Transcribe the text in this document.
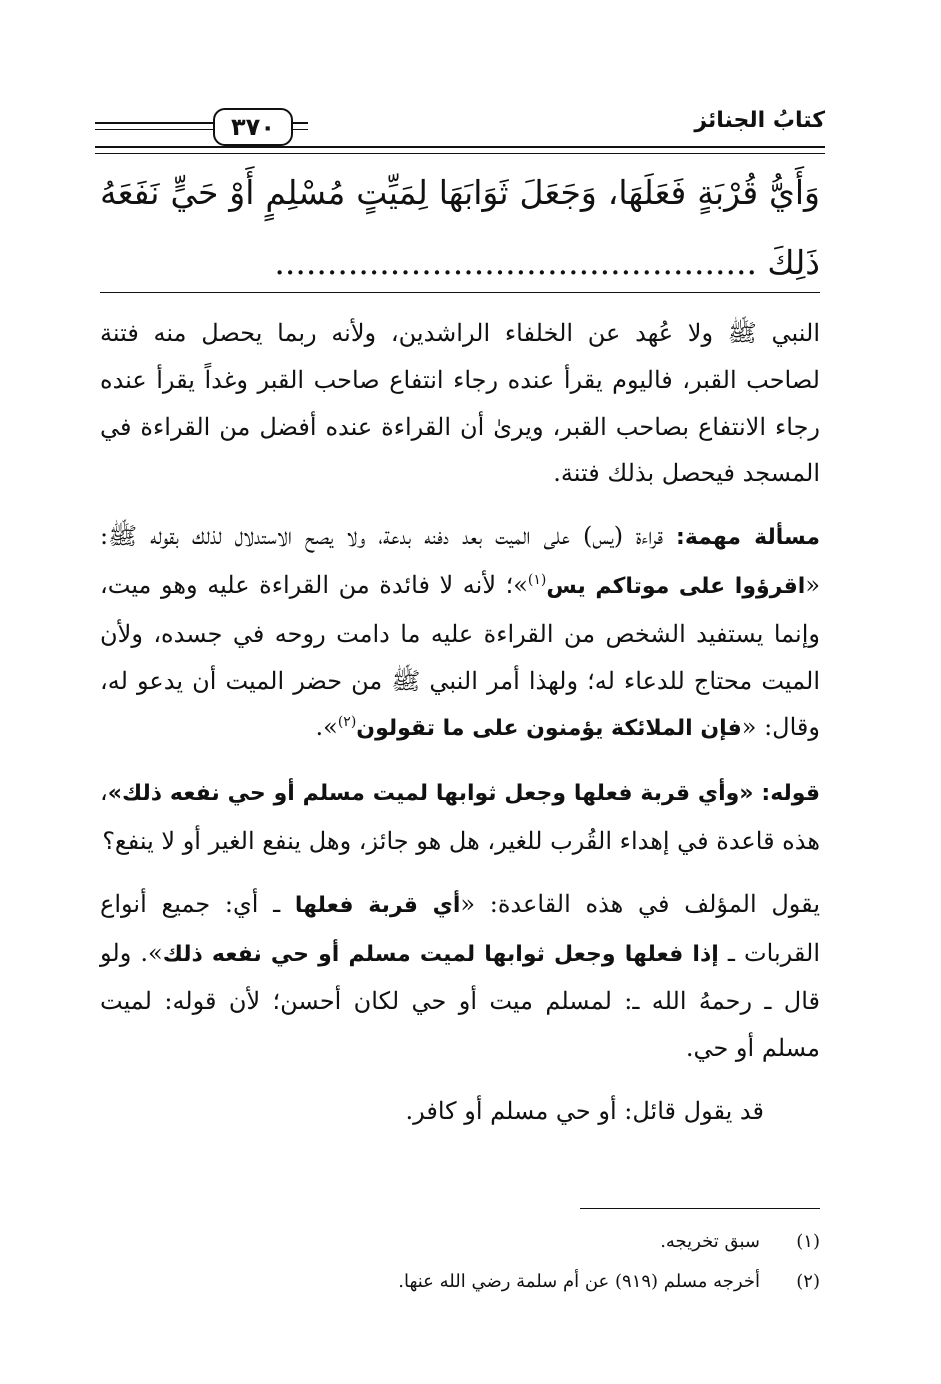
٣٧٠	كتابُ الجنائز
وَأَيُّ قُرْبَةٍ فَعَلَهَا، وَجَعَلَ ثَوَابَهَا لِمَيِّتٍ مُسْلِمٍ أَوْ حَيٍّ نَفَعَهُ ذَلِكَ ..............................................

النبي ﷺ ولا عُهد عن الخلفاء الراشدين، ولأنه ربما يحصل منه فتنة لصاحب القبر، فاليوم يقرأ عنده رجاء انتفاع صاحب القبر وغداً يقرأ عنده رجاء الانتفاع بصاحب القبر، ويرىٰ أن القراءة عنده أفضل من القراءة في المسجد فيحصل بذلك فتنة.

مسألة مهمة: قراءة (يس) على الميت بعد دفنه بدعة، ولا يصح الاستدلال لذلك بقوله ﷺ: «اقرؤوا على موتاكم يس$^{(١)}$»؛ لأنه لا فائدة من القراءة عليه وهو ميت، وإنما يستفيد الشخص من القراءة عليه ما دامت روحه في جسده، ولأن الميت محتاج للدعاء له؛ ولهذا أمر النبي ﷺ من حضر الميت أن يدعو له، وقال: «فإن الملائكة يؤمنون على ما تقولون$^{(٢)}$».

قوله: «وأي قربة فعلها وجعل ثوابها لميت مسلم أو حي نفعه ذلك»، هذه قاعدة في إهداء القُرب للغير، هل هو جائز، وهل ينفع الغير أو لا ينفع؟

يقول المؤلف في هذه القاعدة: «أي قربة فعلها ـ أي: جميع أنواع القربات ـ إذا فعلها وجعل ثوابها لميت مسلم أو حي نفعه ذلك». ولو قال ـ رحمهُ الله ـ: لمسلم ميت أو حي لكان أحسن؛ لأن قوله: لميت مسلم أو حي.

قد يقول قائل: أو حي مسلم أو كافر.

(١)سبق تخريجه.

(٢)أخرجه مسلم (٩١٩) عن أم سلمة رضي الله عنها.
